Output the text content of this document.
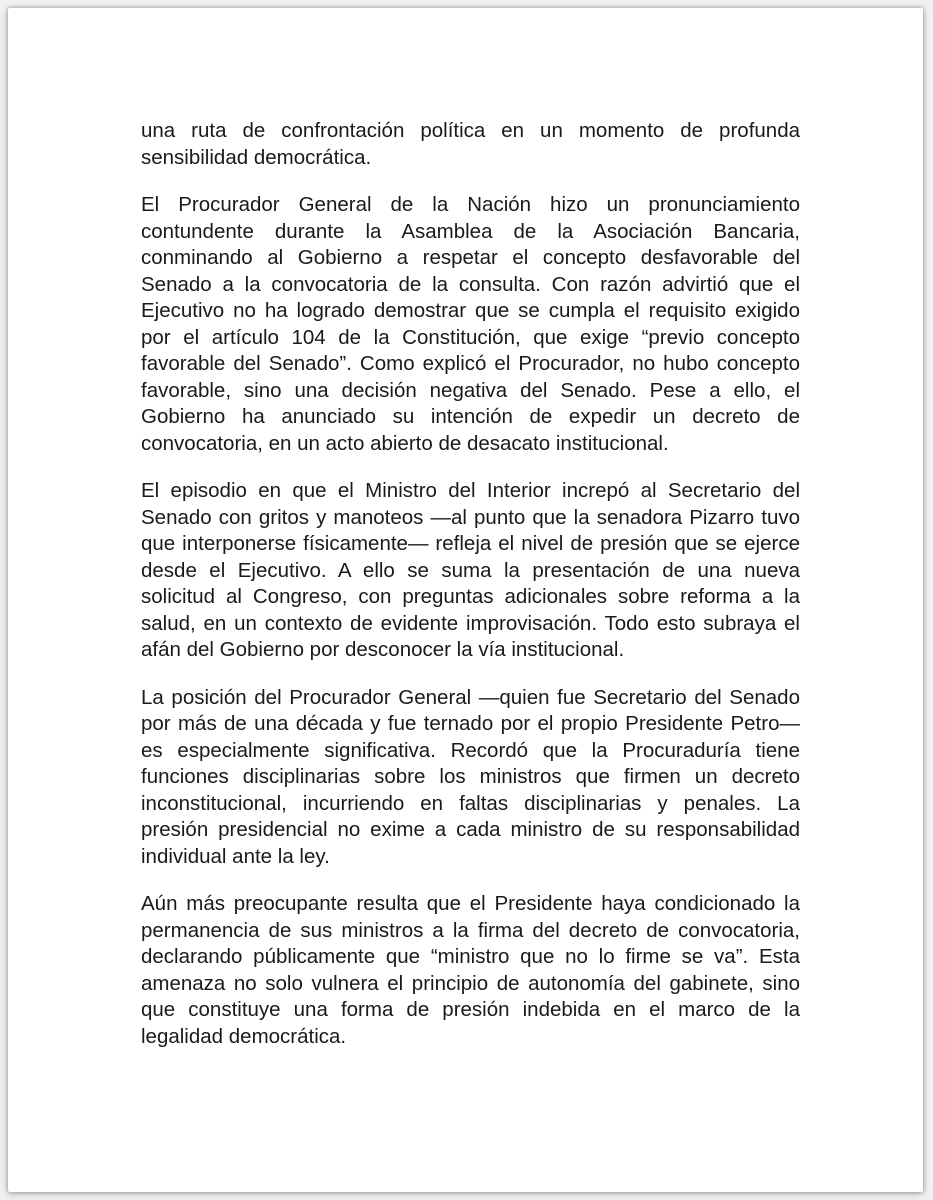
una ruta de confrontación política en un momento de profunda sensibilidad democrática.

El Procurador General de la Nación hizo un pronunciamiento contundente durante la Asamblea de la Asociación Bancaria, conminando al Gobierno a respetar el concepto desfavorable del Senado a la convocatoria de la consulta. Con razón advirtió que el Ejecutivo no ha logrado demostrar que se cumpla el requisito exigido por el artículo 104 de la Constitución, que exige “previo concepto favorable del Senado”. Como explicó el Procurador, no hubo concepto favorable, sino una decisión negativa del Senado. Pese a ello, el Gobierno ha anunciado su intención de expedir un decreto de convocatoria, en un acto abierto de desacato institucional.

El episodio en que el Ministro del Interior increpó al Secretario del Senado con gritos y manoteos —al punto que la senadora Pizarro tuvo que interponerse físicamente— refleja el nivel de presión que se ejerce desde el Ejecutivo. A ello se suma la presentación de una nueva solicitud al Congreso, con preguntas adicionales sobre reforma a la salud, en un contexto de evidente improvisación. Todo esto subraya el afán del Gobierno por desconocer la vía institucional.

La posición del Procurador General —quien fue Secretario del Senado por más de una década y fue ternado por el propio Presidente Petro— es especialmente significativa. Recordó que la Procuraduría tiene funciones disciplinarias sobre los ministros que firmen un decreto inconstitucional, incurriendo en faltas disciplinarias y penales. La presión presidencial no exime a cada ministro de su responsabilidad individual ante la ley.

Aún más preocupante resulta que el Presidente haya condicionado la permanencia de sus ministros a la firma del decreto de convocatoria, declarando públicamente que “ministro que no lo firme se va”. Esta amenaza no solo vulnera el principio de autonomía del gabinete, sino que constituye una forma de presión indebida en el marco de la legalidad democrática.
